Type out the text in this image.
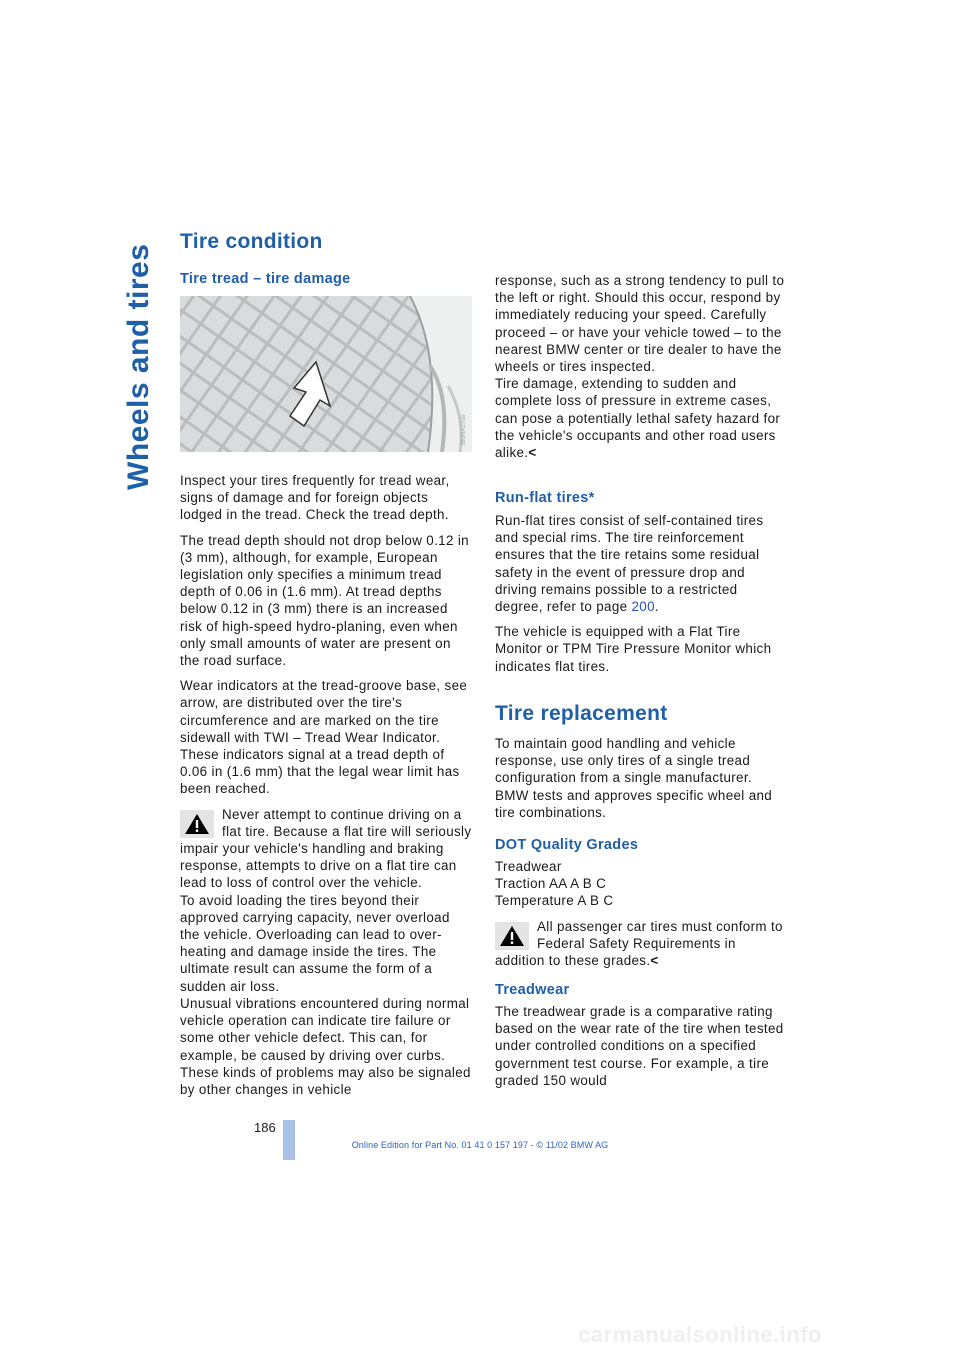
Wheels and tires
Tire condition
Tire tread – tire damage
380NA27de

Inspect your tires frequently for tread wear, signs of damage and for foreign objects lodged in the tread. Check the tread depth.

The tread depth should not drop below 0.12 in (3 mm), although, for example, European legislation only specifies a minimum tread depth of 0.06 in (1.6 mm). At tread depths below 0.12 in (3 mm) there is an increased risk of high-speed hydro-planing, even when only small amounts of water are present on the road surface.

Wear indicators at the tread-groove base, see arrow, are distributed over the tire's circumference and are marked on the tire sidewall with TWI – Tread Wear Indicator. These indicators signal at a tread depth of 0.06 in (1.6 mm) that the legal wear limit has been reached.

Never attempt to continue driving on a flat tire. Because a flat tire will seriously impair your vehicle's handling and braking response, attempts to drive on a flat tire can lead to loss of control over the vehicle.

To avoid loading the tires beyond their approved carrying capacity, never overload the vehicle. Overloading can lead to over-heating and damage inside the tires. The ultimate result can assume the form of a sudden air loss.

Unusual vibrations encountered during normal vehicle operation can indicate tire failure or some other vehicle defect. This can, for example, be caused by driving over curbs. These kinds of problems may also be signaled by other changes in vehicle

response, such as a strong tendency to pull to the left or right. Should this occur, respond by immediately reducing your speed. Carefully proceed – or have your vehicle towed – to the nearest BMW center or tire dealer to have the wheels or tires inspected.

Tire damage, extending to sudden and complete loss of pressure in extreme cases, can pose a potentially lethal safety hazard for the vehicle's occupants and other road users alike.<

Run-flat tires*

Run-flat tires consist of self-contained tires and special rims. The tire reinforcement ensures that the tire retains some residual safety in the event of pressure drop and driving remains possible to a restricted degree, refer to page 200.

The vehicle is equipped with a Flat Tire Monitor or TPM Tire Pressure Monitor which indicates flat tires.

Tire replacement

To maintain good handling and vehicle response, use only tires of a single tread configuration from a single manufacturer. BMW tests and approves specific wheel and tire combinations.

DOT Quality Grades
Treadwear
Traction AA A B C
Temperature A B C

All passenger car tires must conform to Federal Safety Requirements in addition to these grades.<

Treadwear

The treadwear grade is a comparative rating based on the wear rate of the tire when tested under controlled conditions on a specified government test course. For example, a tire graded 150 would

186
Online Edition for Part No. 01 41 0 157 197 - © 11/02 BMW AG
carmanualsonline.info
